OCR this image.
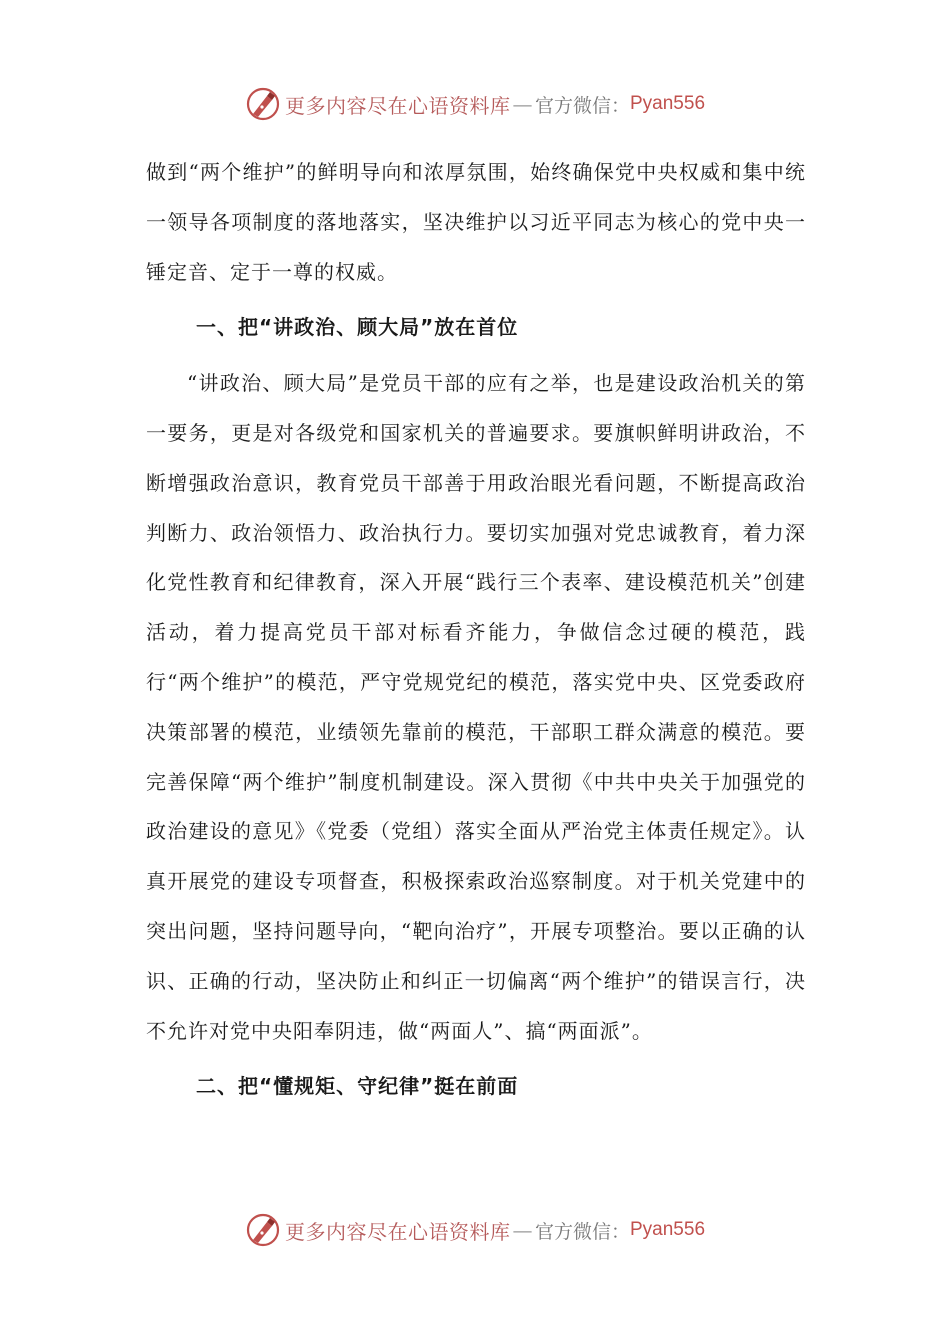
更多内容尽在心语资料库 — 官方微信： Pyan556

做到“两个维护”的鲜明导向和浓厚氛围，始终确保党中央权威和集中统一领导各项制度的落地落实，坚决维护以习近平同志为核心的党中央一锤定音、定于一尊的权威。

一、把“讲政治、顾大局”放在首位

“讲政治、顾大局”是党员干部的应有之举，也是建设政治机关的第一要务，更是对各级党和国家机关的普遍要求。要旗帜鲜明讲政治，不断增强政治意识，教育党员干部善于用政治眼光看问题，不断提高政治判断力、政治领悟力、政治执行力。要切实加强对党忠诚教育，着力深化党性教育和纪律教育，深入开展“践行三个表率、建设模范机关”创建活动，着力提高党员干部对标看齐能力，争做信念过硬的模范，践行“两个维护”的模范，严守党规党纪的模范，落实党中央、区党委政府决策部署的模范，业绩领先靠前的模范，干部职工群众满意的模范。要完善保障“两个维护”制度机制建设。深入贯彻《中共中央关于加强党的政治建设的意见》《党委（党组）落实全面从严治党主体责任规定》。认真开展党的建设专项督查，积极探索政治巡察制度。对于机关党建中的突出问题，坚持问题导向，“靶向治疗”，开展专项整治。要以正确的认识、正确的行动，坚决防止和纠正一切偏离“两个维护”的错误言行，决不允许对党中央阳奉阴违，做“两面人”、搞“两面派”。

二、把“懂规矩、守纪律”挺在前面
更多内容尽在心语资料库 — 官方微信： Pyan556
